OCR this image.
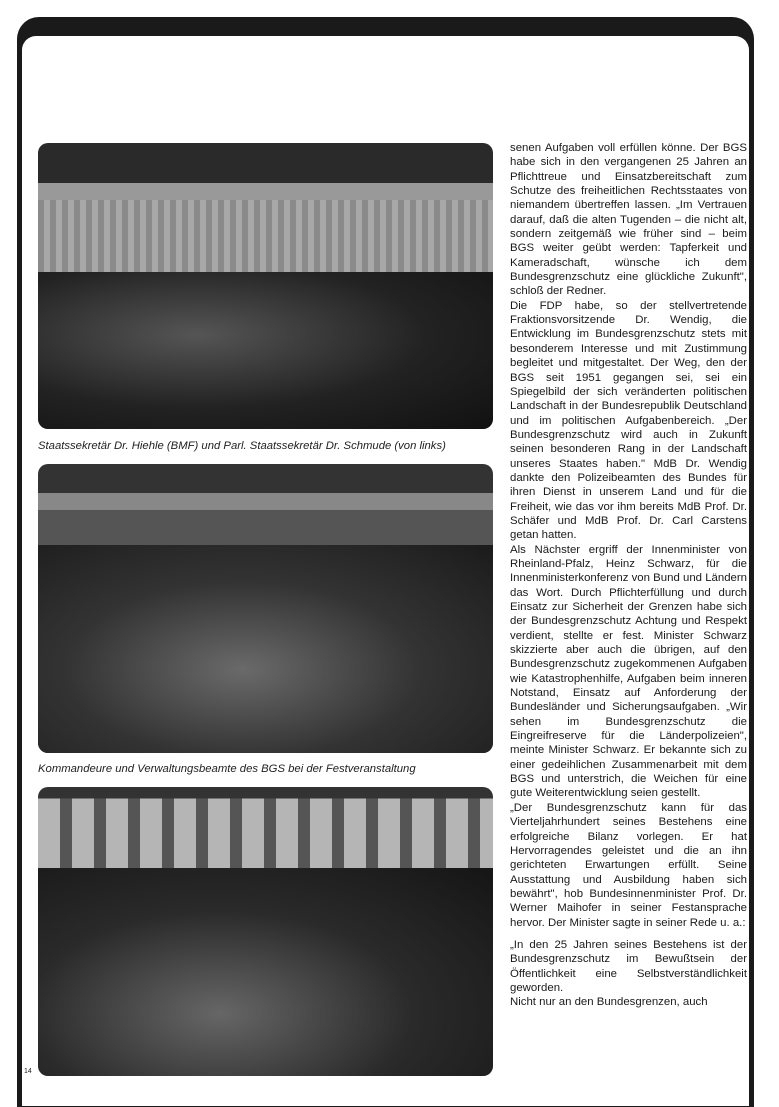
Staatssekretär Dr. Hiehle (BMF) und Parl. Staatssekretär Dr. Schmude (von links)
Kommandeure und Verwaltungsbeamte des BGS bei der Festveranstaltung
14

senen Aufgaben voll erfüllen könne. Der BGS habe sich in den vergangenen 25 Jahren an Pflichttreue und Einsatzbereitschaft zum Schutze des freiheitlichen Rechtsstaates von niemandem übertreffen lassen. „Im Vertrauen darauf, daß die alten Tugenden – die nicht alt, sondern zeitgemäß wie früher sind – beim BGS weiter geübt werden: Tapferkeit und Kameradschaft, wünsche ich dem Bundesgrenzschutz eine glückliche Zukunft", schloß der Redner.

Die FDP habe, so der stellvertretende Fraktionsvorsitzende Dr. Wendig, die Entwicklung im Bundesgrenzschutz stets mit besonderem Interesse und mit Zustimmung begleitet und mitgestaltet. Der Weg, den der BGS seit 1951 gegangen sei, sei ein Spiegelbild der sich veränderten politischen Landschaft in der Bundesrepublik Deutschland und im politischen Aufgabenbereich. „Der Bundesgrenzschutz wird auch in Zukunft seinen besonderen Rang in der Landschaft unseres Staates haben." MdB Dr. Wendig dankte den Polizeibeamten des Bundes für ihren Dienst in unserem Land und für die Freiheit, wie das vor ihm bereits MdB Prof. Dr. Schäfer und MdB Prof. Dr. Carl Carstens getan hatten.

Als Nächster ergriff der Innenminister von Rheinland-Pfalz, Heinz Schwarz, für die Innenministerkonferenz von Bund und Ländern das Wort. Durch Pflichterfüllung und durch Einsatz zur Sicherheit der Grenzen habe sich der Bundesgrenzschutz Achtung und Respekt verdient, stellte er fest. Minister Schwarz skizzierte aber auch die übrigen, auf den Bundesgrenzschutz zugekommenen Aufgaben wie Katastrophenhilfe, Aufgaben beim inneren Notstand, Einsatz auf Anforderung der Bundesländer und Sicherungsaufgaben. „Wir sehen im Bundesgrenzschutz die Eingreifreserve für die Länderpolizeien", meinte Minister Schwarz. Er bekannte sich zu einer gedeihlichen Zusammenarbeit mit dem BGS und unterstrich, die Weichen für eine gute Weiterentwicklung seien gestellt.

„Der Bundesgrenzschutz kann für das Vierteljahrhundert seines Bestehens eine erfolgreiche Bilanz vorlegen. Er hat Hervorragendes geleistet und die an ihn gerichteten Erwartungen erfüllt. Seine Ausstattung und Ausbildung haben sich bewährt", hob Bundesinnenminister Prof. Dr. Werner Maihofer in seiner Festansprache hervor. Der Minister sagte in seiner Rede u. a.:

„In den 25 Jahren seines Bestehens ist der Bundesgrenzschutz im Bewußtsein der Öffentlichkeit eine Selbstverständlichkeit geworden.

Nicht nur an den Bundesgrenzen, auch
